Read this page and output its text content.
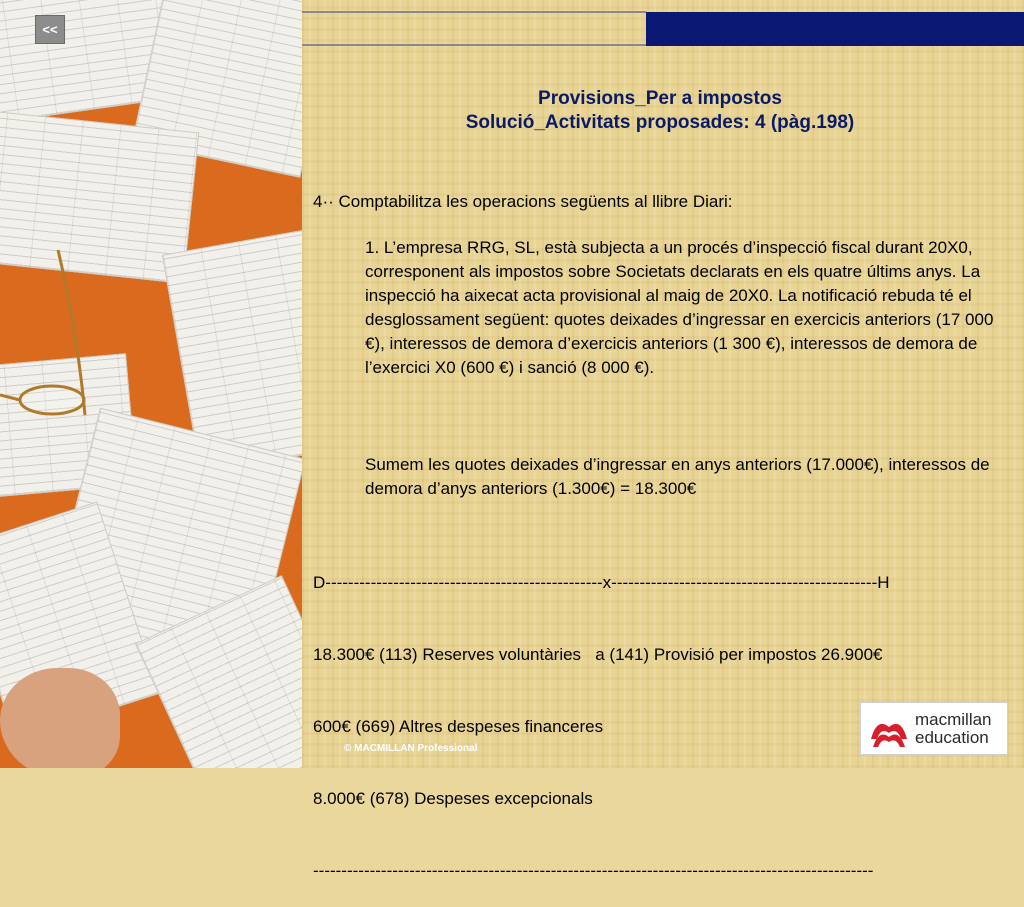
<<
Provisions_Per a impostos
Solució_Activitats proposades: 4 (pàg.198)

4·· Comptabilitza les operacions següents al llibre Diari:

1. L’empresa RRG, SL, està subjecta a un procés d’inspecció fiscal durant 20X0, corresponent als impostos sobre Societats declarats en els quatre últims anys. La inspecció ha aixecat acta provisional al maig de 20X0. La notificació rebuda té el desglossament següent: quotes deixades d’ingressar en exercicis anteriors (17 000 €), interessos de demora d’exercicis anteriors (1 300 €), interessos de demora de l’exercici X0 (600 €) i sanció (8 000 €).

Sumem les quotes deixades d’ingressar en anys anteriors (17.000€), interessos de demora d’anys anteriors (1.300€) = 18.300€

D-------------------------------------------------x-----------------------------------------------H

18.300€ (113) Reserves voluntàries   a (141) Provisió per impostos 26.900€

600€ (669) Altres despeses financeres

8.000€ (678) Despeses excepcionals

---------------------------------------------------------------------------------------------------

© MACMILLAN Professional
macmillan
education
